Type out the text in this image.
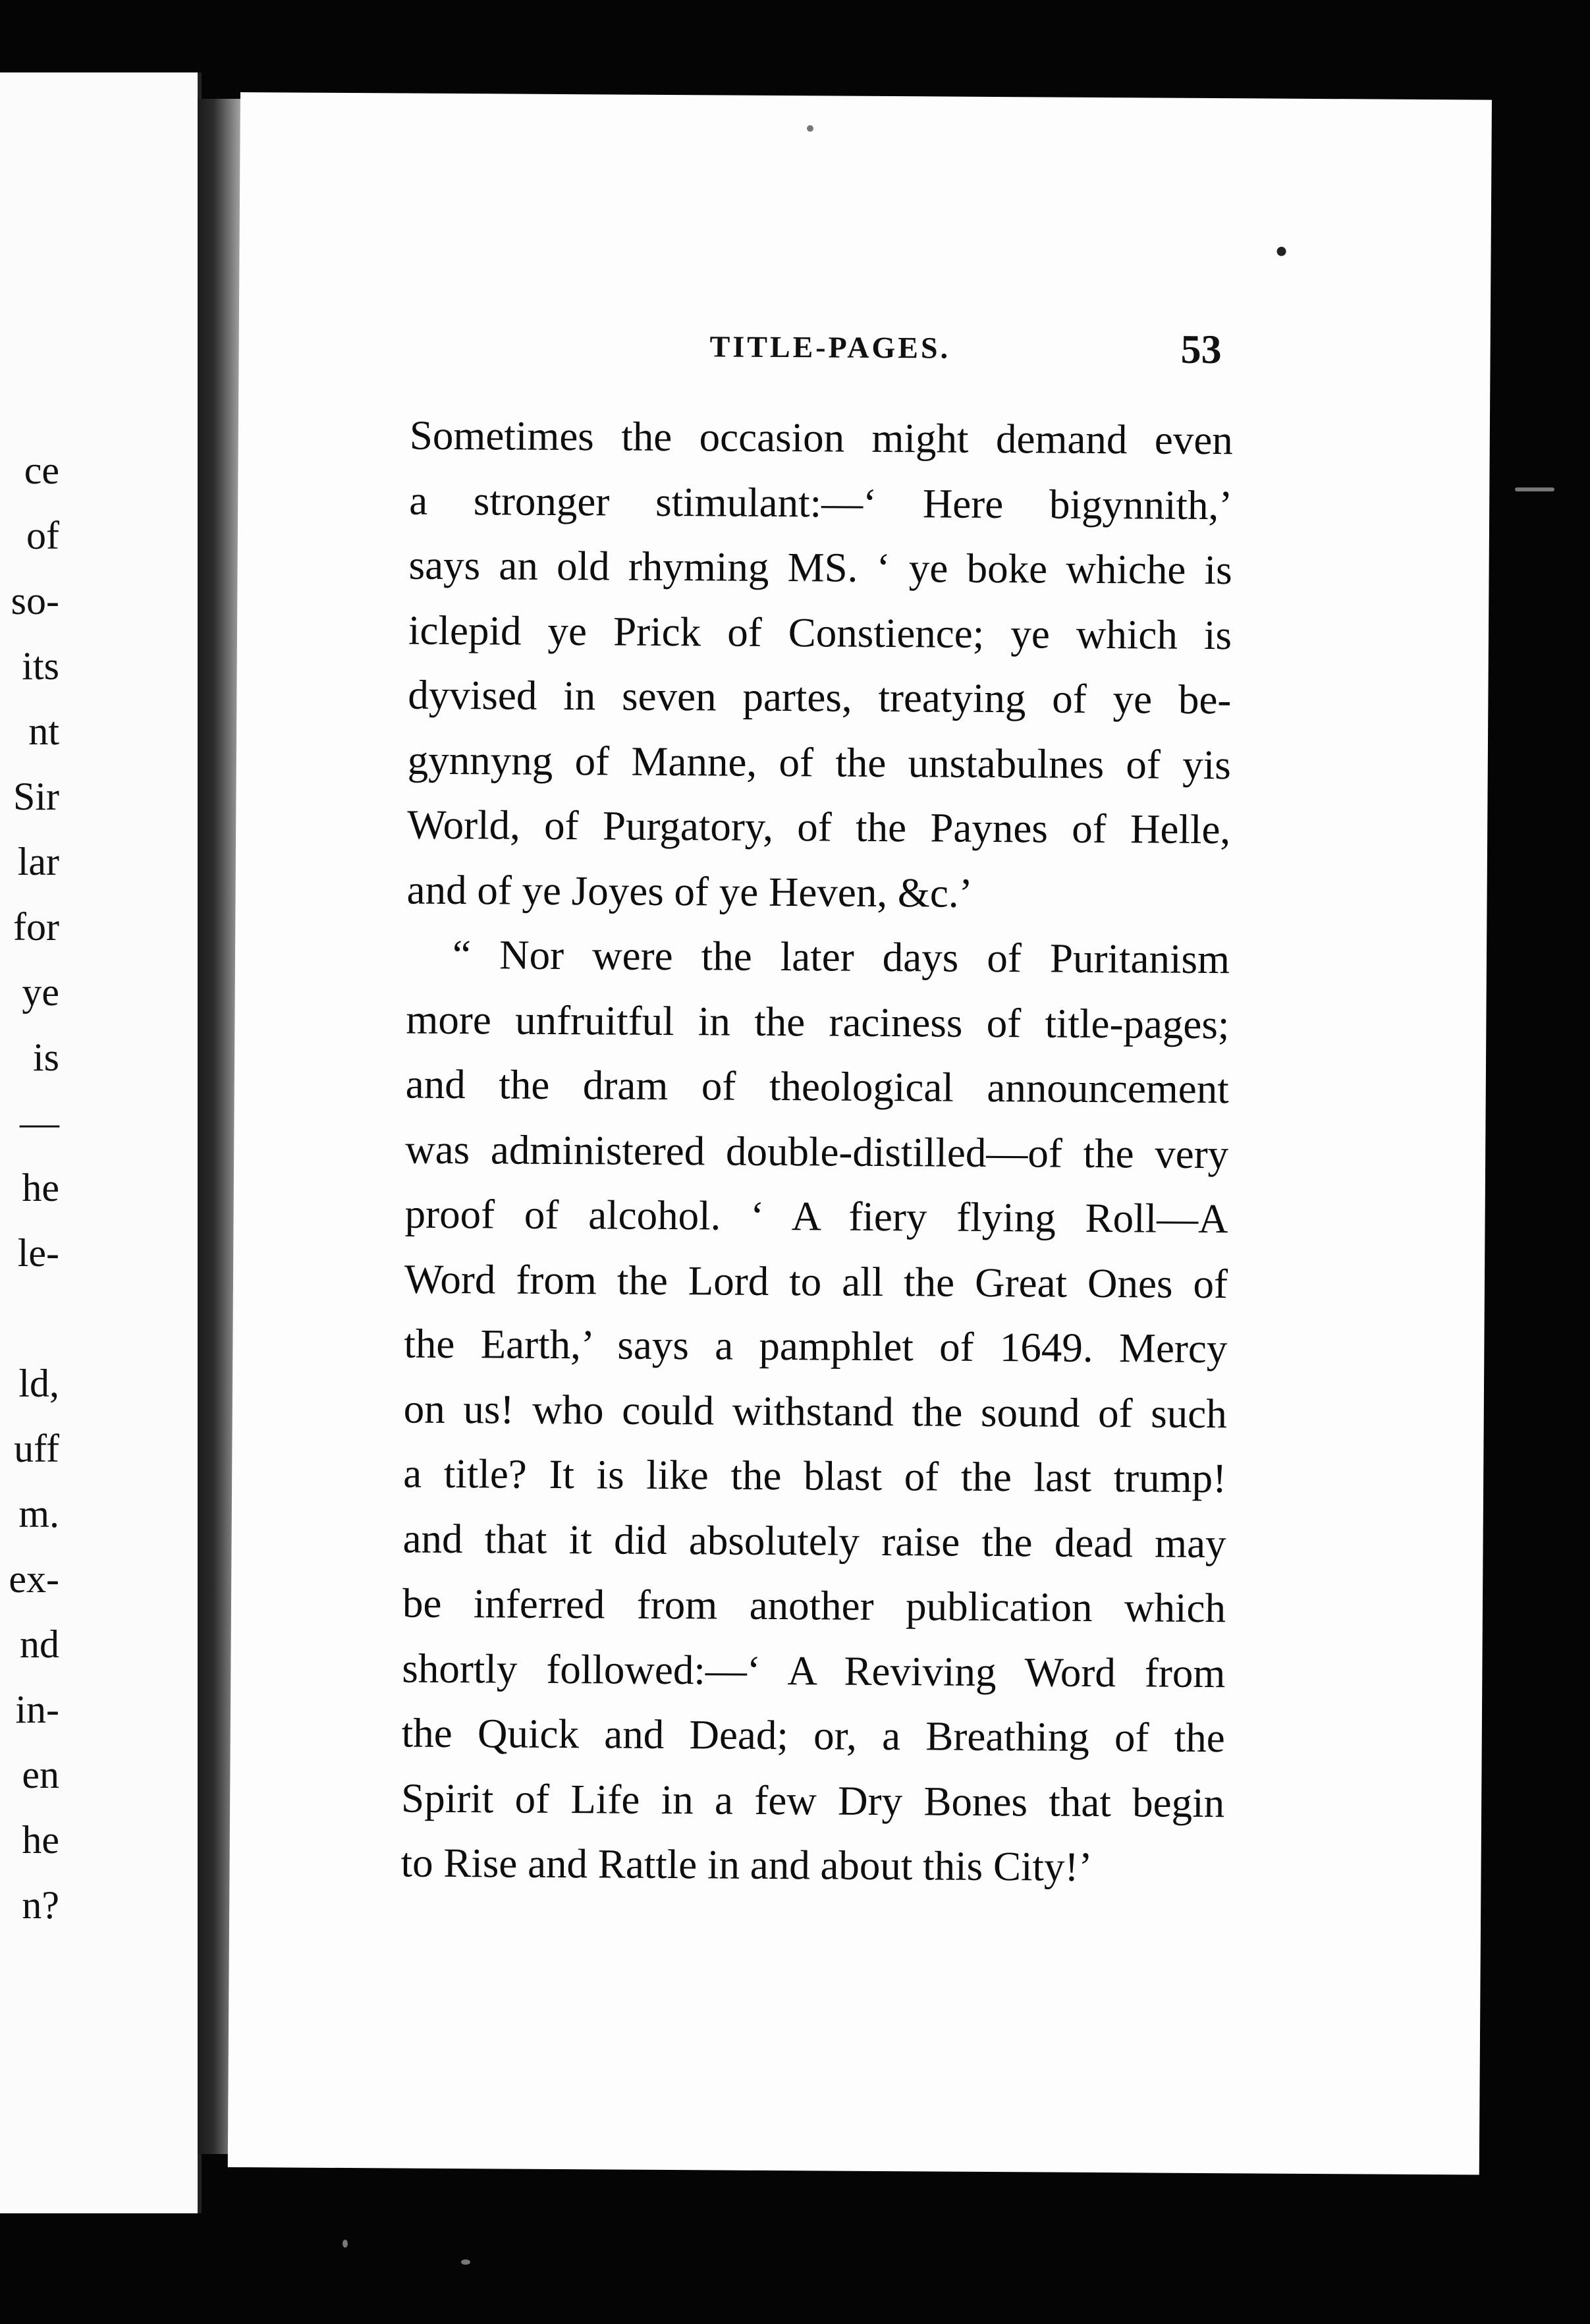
ce
of
so-
its
nt
Sir
lar
for
ye
is
—
he
le-
ld,
uff
m.
ex-
nd
in-
en
he
n?
TITLE-PAGES.	53
Sometimes the occasion might demand even
a stronger stimulant:—‘ Here bigynnith,’
says an old rhyming MS. ‘ ye boke whiche is
iclepid ye Prick of Constience; ye which is
dyvised in seven partes, treatying of ye be-
gynnyng of Manne, of the unstabulnes of yis
World, of Purgatory, of the Paynes of Helle,
and of ye Joyes of ye Heven, &c.’
“ Nor were the later days of Puritanism
more unfruitful in the raciness of title-pages;
and the dram of theological announcement
was administered double-distilled—of the very
proof of alcohol. ‘ A fiery flying Roll—A
Word from the Lord to all the Great Ones of
the Earth,’ says a pamphlet of 1649. Mercy
on us! who could withstand the sound of such
a title? It is like the blast of the last trump!
and that it did absolutely raise the dead may
be inferred from another publication which
shortly followed:—‘ A Reviving Word from
the Quick and Dead; or, a Breathing of the
Spirit of Life in a few Dry Bones that begin
to Rise and Rattle in and about this City!’
